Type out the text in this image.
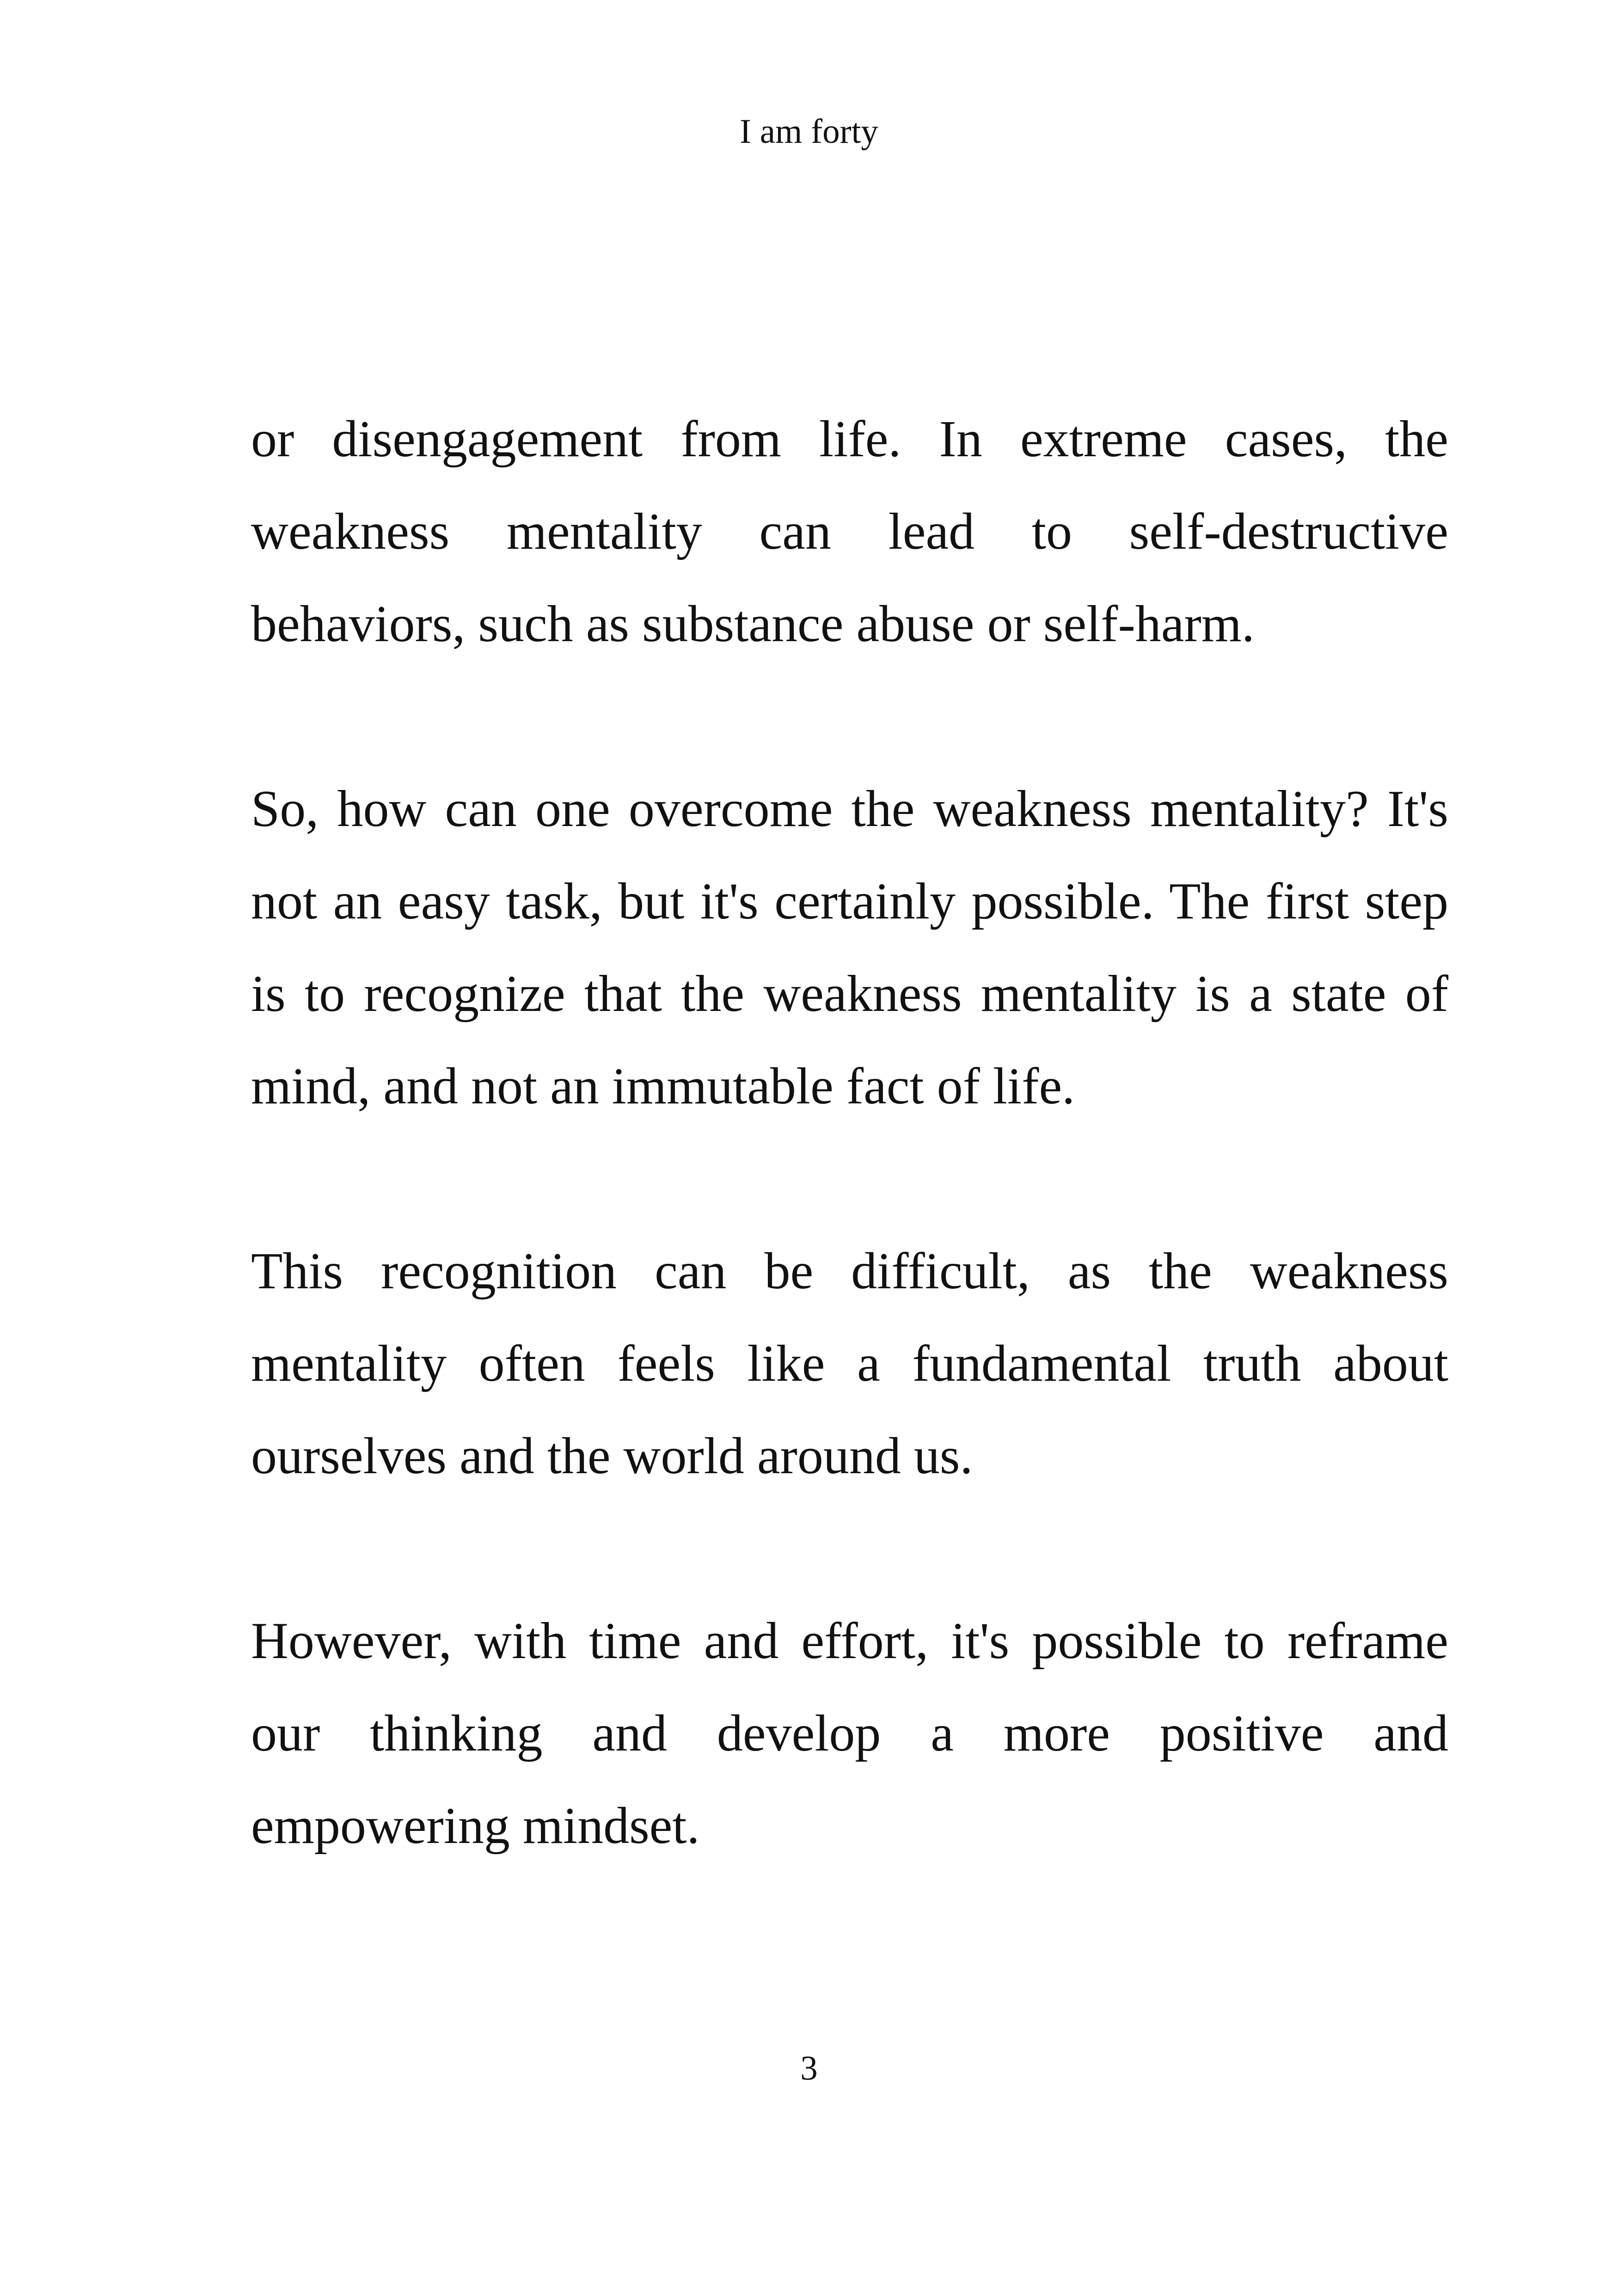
I am forty

or disengagement from life. In extreme cases, the weakness mentality can lead to self-destructive behaviors, such as substance abuse or self-harm.

So, how can one overcome the weakness mentality? It's not an easy task, but it's certainly possible. The first step is to recognize that the weakness mentality is a state of mind, and not an immutable fact of life.

This recognition can be difficult, as the weakness mentality often feels like a fundamental truth about ourselves and the world around us.

However, with time and effort, it's possible to reframe our thinking and develop a more positive and empowering mindset.

3
